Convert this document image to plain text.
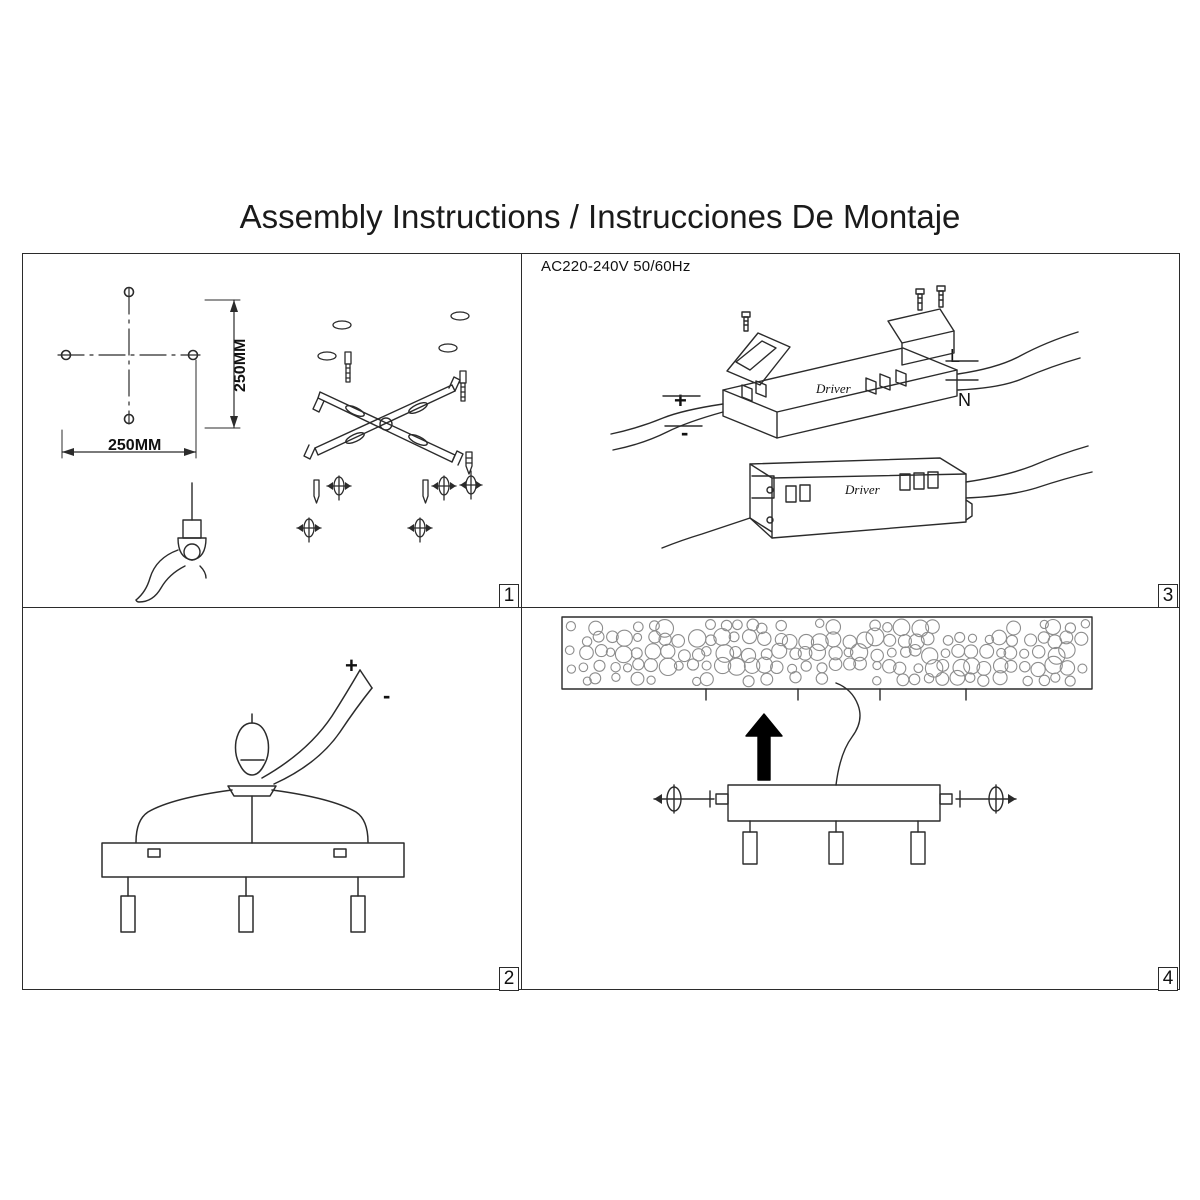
Assembly Instructions / Instrucciones De Montaje
1
2
3
4
AC220-240V 50/60Hz
250MM
250MM
+
-
+
-
L
N
Driver
Driver
